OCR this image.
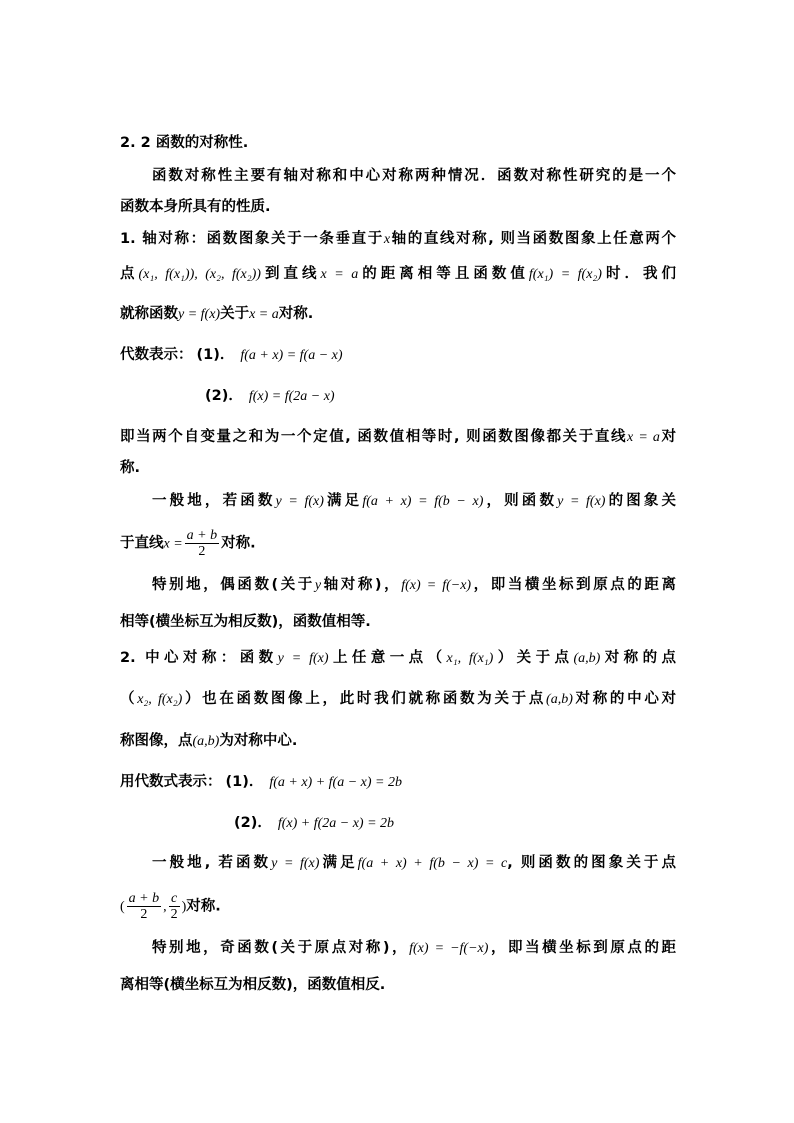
2. 2 函数的对称性.
函数对称性主要有轴对称和中心对称两种情况．函数对称性研究的是一个
函数本身所具有的性质.
1. 轴对称：函数图象关于一条垂直于x轴的直线对称, 则当函数图象上任意两个
点(x₁, f(x₁)), (x₂, f(x₂))到直线x = a的距离相等且函数值f(x₁) = f(x₂)时．我们
就称函数y = f(x)关于x = a对称.
代数表示： (1)． f(a + x) = f(a − x)
(2)． f(x) = f(2a − x)
即当两个自变量之和为一个定值, 函数值相等时, 则函数图像都关于直线x = a对
称.
一般地，若函数y = f(x)满足f(a + x) = f(b − x)，则函数y = f(x)的图象关
于直线$x = \frac{a + b}{2}$ 对称.
特别地，偶函数(关于y轴对称)，f(x) = f(−x)，即当横坐标到原点的距离
相等(横坐标互为相反数)，函数值相等.
2. 中心对称：函数y = f(x)上任意一点（x₁, f(x₁)）关于点(a,b)对称的点
（x₂, f(x₂)）也在函数图像上，此时我们就称函数为关于点(a,b)对称的中心对
称图像，点(a,b)为对称中心.
用代数式表示： (1)． f(a + x) + f(a − x) = 2b
(2)． f(x) + f(2a − x) = 2b
一般地, 若函数y = f(x)满足f(a + x) + f(b − x) = c, 则函数的图象关于点
( $\frac{a + b}{2}$ , $\frac{c}{2}$ )对称.
特别地，奇函数(关于原点对称)，f(x) = −f(−x)，即当横坐标到原点的距
离相等(横坐标互为相反数)，函数值相反.
